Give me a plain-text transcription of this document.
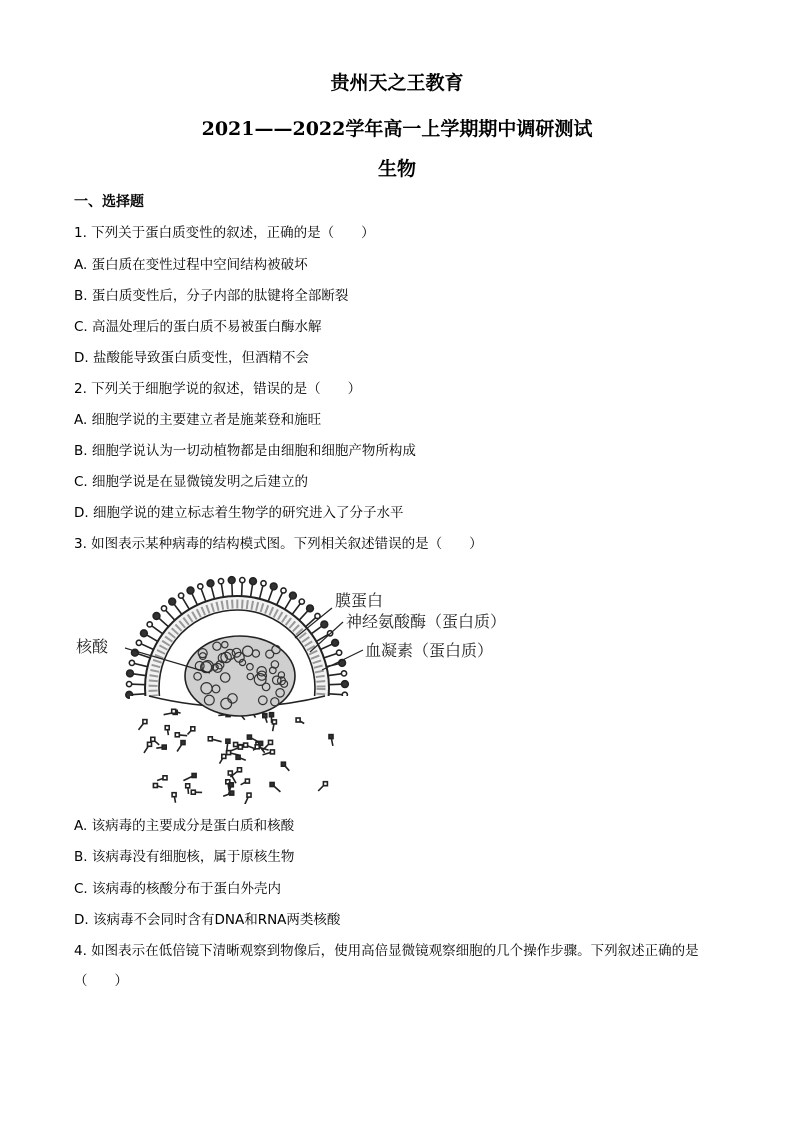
贵州天之王教育
2021——2022学年高一上学期期中调研测试
生物
一、选择题
1. 下列关于蛋白质变性的叙述，正确的是（　　）
A. 蛋白质在变性过程中空间结构被破坏
B. 蛋白质变性后，分子内部的肽键将全部断裂
C. 高温处理后的蛋白质不易被蛋白酶水解
D. 盐酸能导致蛋白质变性，但酒精不会
2. 下列关于细胞学说的叙述，错误的是（　　）
A. 细胞学说的主要建立者是施莱登和施旺
B. 细胞学说认为一切动植物都是由细胞和细胞产物所构成
C. 细胞学说是在显微镜发明之后建立的
D. 细胞学说的建立标志着生物学的研究进入了分子水平
3. 如图表示某种病毒的结构模式图。下列相关叙述错误的是（　　）
膜蛋白
神经氨酸酶（蛋白质）
核酸	血凝素（蛋白质）
A. 该病毒的主要成分是蛋白质和核酸
B. 该病毒没有细胞核，属于原核生物
C. 该病毒的核酸分布于蛋白外壳内
D. 该病毒不会同时含有DNA和RNA两类核酸
4. 如图表示在低倍镜下清晰观察到物像后，使用高倍显微镜观察细胞的几个操作步骤。下列叙述正确的是
（　　）
